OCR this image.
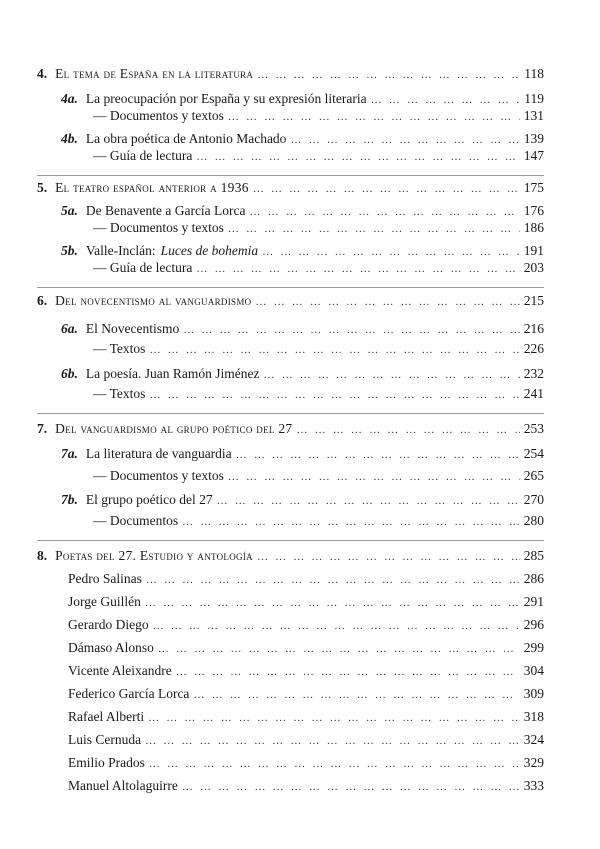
4. El tema de España en la literatura … … … … … … … … … … … … … … … … … … … … … … … … … … … … … … … … … … … … … … … … … … …	118
4a. La preocupación por España y su expresión literaria … … … … … … … … … … … … … … … … … … … … … … … … … … … … … … … … … … … … … … … … … … …	119
— Documentos y textos … … … … … … … … … … … … … … … … … … … … … … … … … … … … … … … … … … … … … … … … … … …	131
4b. La obra poética de Antonio Machado … … … … … … … … … … … … … … … … … … … … … … … … … … … … … … … … … … … … … … … … … … …	139
— Guía de lectura … … … … … … … … … … … … … … … … … … … … … … … … … … … … … … … … … … … … … … … … … … …	147
5. El teatro español anterior a 1936 … … … … … … … … … … … … … … … … … … … … … … … … … … … … … … … … … … … … … … … … … … …	175
5a. De Benavente a García Lorca … … … … … … … … … … … … … … … … … … … … … … … … … … … … … … … … … … … … … … … … … … …	176
— Documentos y textos … … … … … … … … … … … … … … … … … … … … … … … … … … … … … … … … … … … … … … … … … … …	186
5b. Valle-Inclán: Luces de bohemia … … … … … … … … … … … … … … … … … … … … … … … … … … … … … … … … … … … … … … … … … … …	191
— Guía de lectura … … … … … … … … … … … … … … … … … … … … … … … … … … … … … … … … … … … … … … … … … … …	203
6. Del novecentismo al vanguardismo … … … … … … … … … … … … … … … … … … … … … … … … … … … … … … … … … … … … … … … … … … …	215
6a. El Novecentismo … … … … … … … … … … … … … … … … … … … … … … … … … … … … … … … … … … … … … … … … … … …	216
— Textos … … … … … … … … … … … … … … … … … … … … … … … … … … … … … … … … … … … … … … … … … … …	226
6b. La poesía. Juan Ramón Jiménez … … … … … … … … … … … … … … … … … … … … … … … … … … … … … … … … … … … … … … … … … … …	232
— Textos … … … … … … … … … … … … … … … … … … … … … … … … … … … … … … … … … … … … … … … … … … …	241
7. Del vanguardismo al grupo poético del 27 … … … … … … … … … … … … … … … … … … … … … … … … … … … … … … … … … … … … … … … … … … …	253
7a. La literatura de vanguardia … … … … … … … … … … … … … … … … … … … … … … … … … … … … … … … … … … … … … … … … … … …	254
— Documentos y textos … … … … … … … … … … … … … … … … … … … … … … … … … … … … … … … … … … … … … … … … … … …	265
7b. El grupo poético del 27 … … … … … … … … … … … … … … … … … … … … … … … … … … … … … … … … … … … … … … … … … … …	270
— Documentos … … … … … … … … … … … … … … … … … … … … … … … … … … … … … … … … … … … … … … … … … … …	280
8. Poetas del 27. Estudio y antología … … … … … … … … … … … … … … … … … … … … … … … … … … … … … … … … … … … … … … … … … … …	285
Pedro Salinas … … … … … … … … … … … … … … … … … … … … … … … … … … … … … … … … … … … … … … … … … … …	286
Jorge Guillén … … … … … … … … … … … … … … … … … … … … … … … … … … … … … … … … … … … … … … … … … … …	291
Gerardo Diego … … … … … … … … … … … … … … … … … … … … … … … … … … … … … … … … … … … … … … … … … … …	296
Dámaso Alonso … … … … … … … … … … … … … … … … … … … … … … … … … … … … … … … … … … … … … … … … … … …	299
Vicente Aleixandre … … … … … … … … … … … … … … … … … … … … … … … … … … … … … … … … … … … … … … … … … … …	304
Federico García Lorca … … … … … … … … … … … … … … … … … … … … … … … … … … … … … … … … … … … … … … … … … … …	309
Rafael Alberti … … … … … … … … … … … … … … … … … … … … … … … … … … … … … … … … … … … … … … … … … … …	318
Luis Cernuda … … … … … … … … … … … … … … … … … … … … … … … … … … … … … … … … … … … … … … … … … … …	324
Emilio Prados … … … … … … … … … … … … … … … … … … … … … … … … … … … … … … … … … … … … … … … … … … …	329
Manuel Altolaguirre … … … … … … … … … … … … … … … … … … … … … … … … … … … … … … … … … … … … … … … … … … …	333
